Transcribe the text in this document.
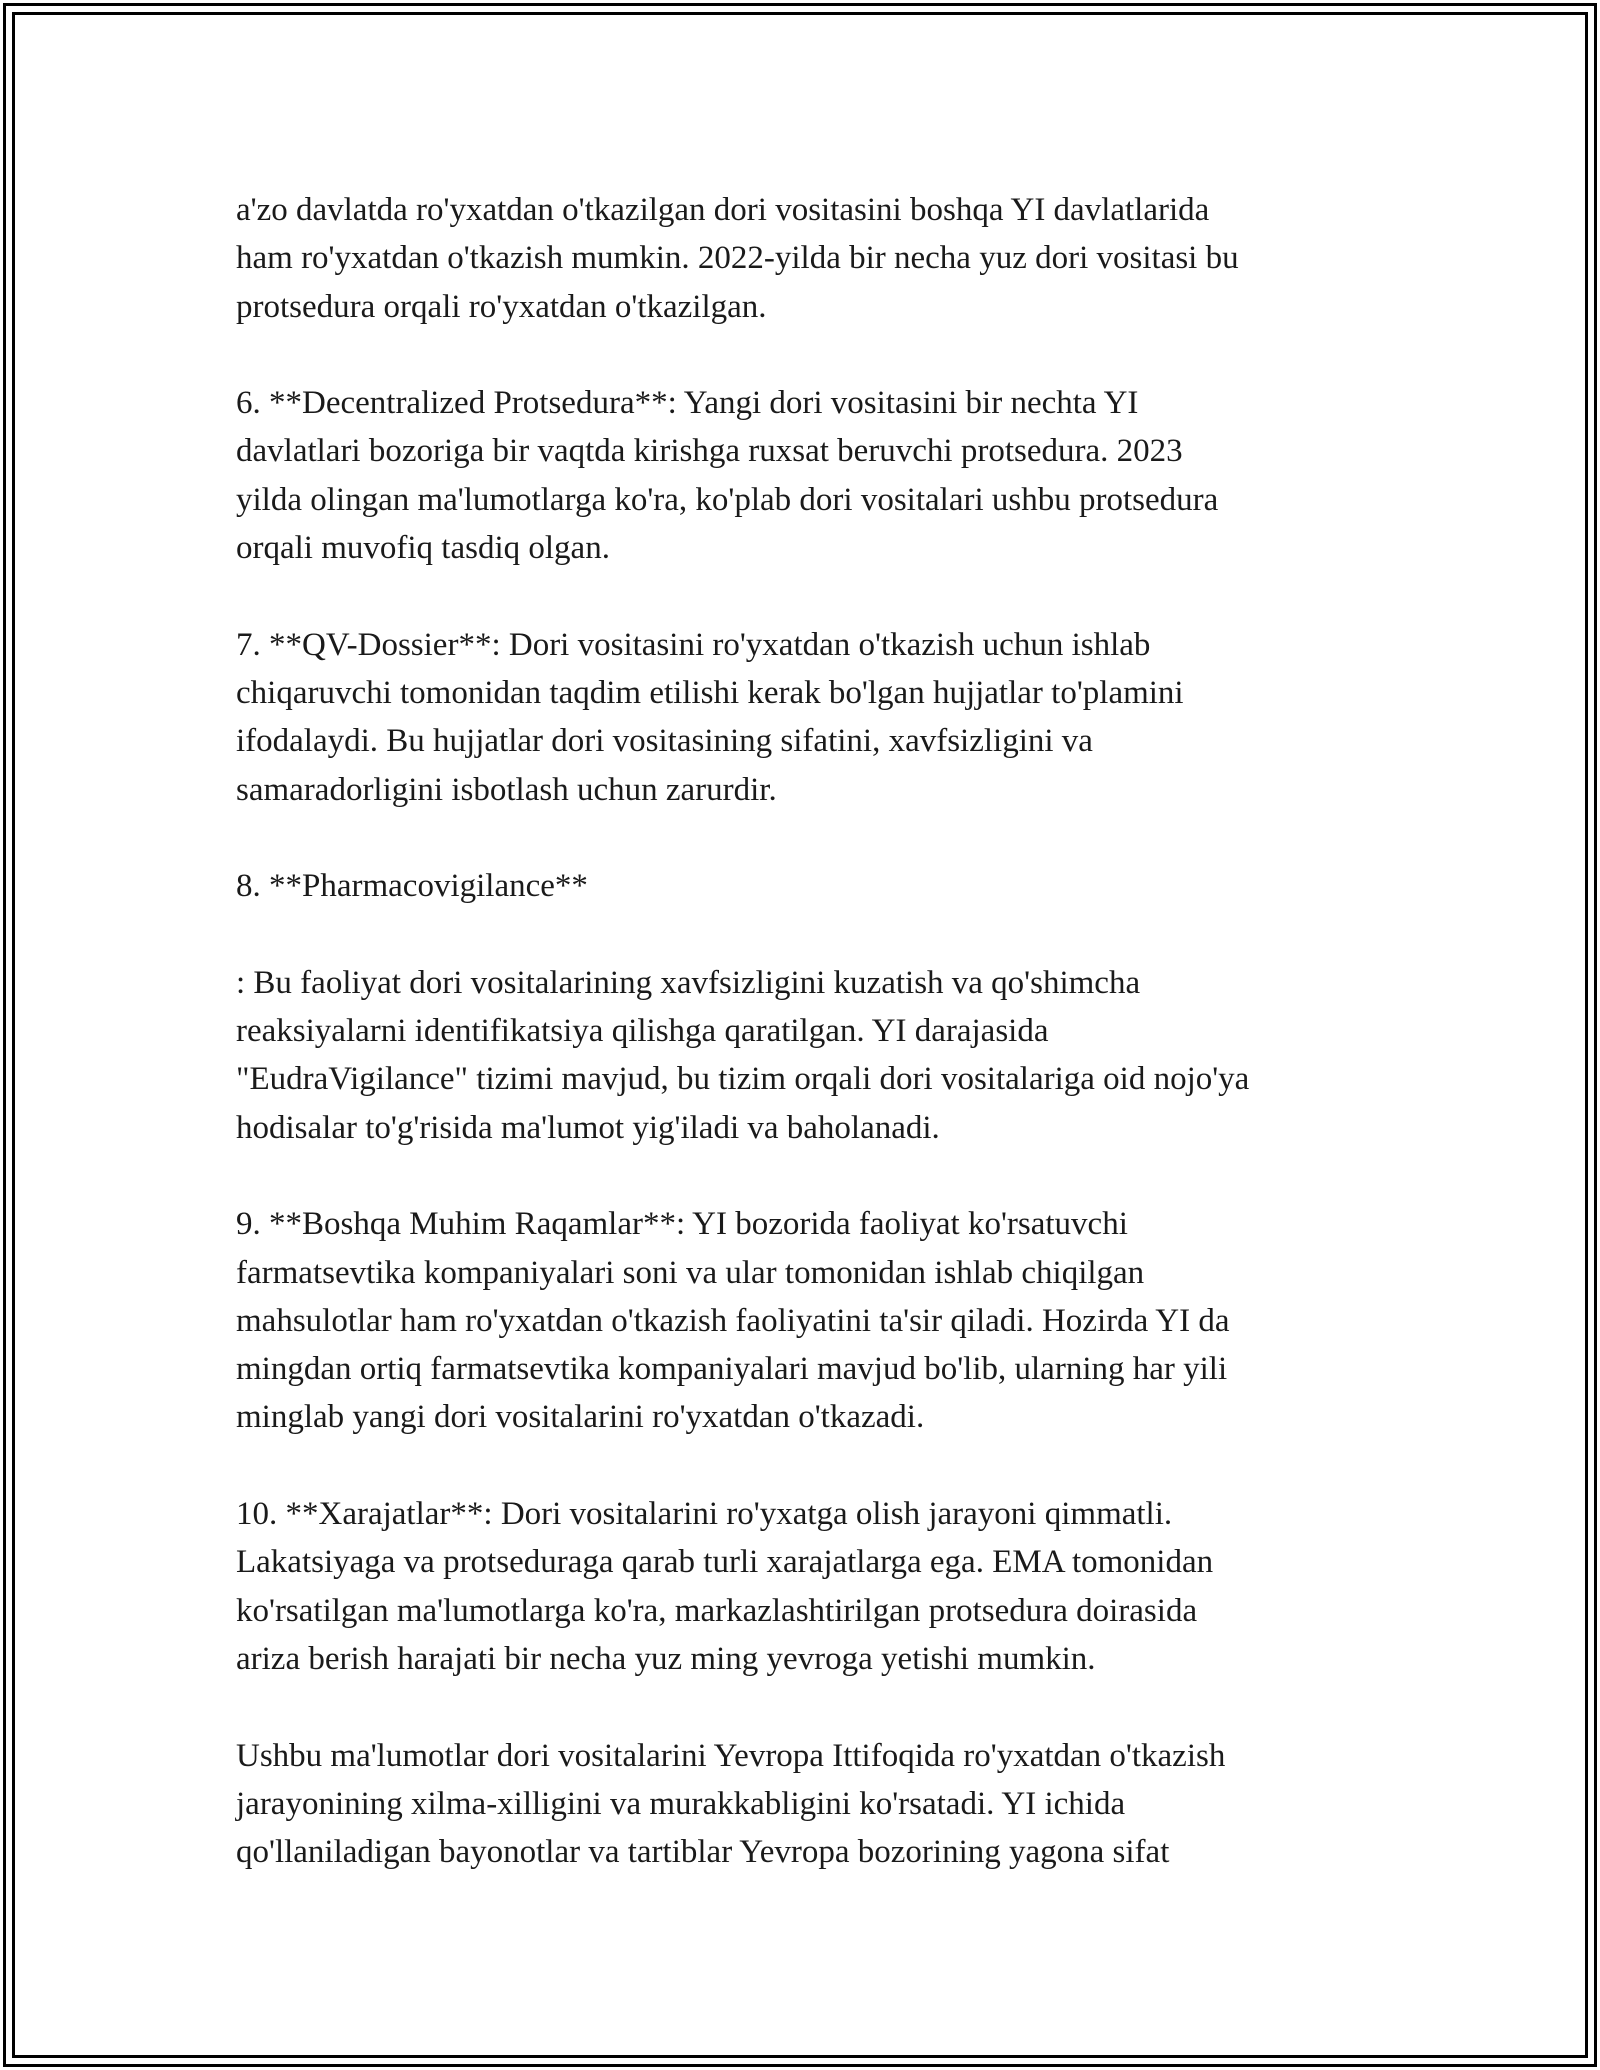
a'zo davlatda ro'yxatdan o'tkazilgan dori vositasini boshqa YI davlatlarida
ham ro'yxatdan o'tkazish mumkin. 2022-yilda bir necha yuz dori vositasi bu
protsedura orqali ro'yxatdan o'tkazilgan.

6. **Decentralized Protsedura**: Yangi dori vositasini bir nechta YI
davlatlari bozoriga bir vaqtda kirishga ruxsat beruvchi protsedura. 2023
yilda olingan ma'lumotlarga ko'ra, ko'plab dori vositalari ushbu protsedura
orqali muvofiq tasdiq olgan.

7. **QV-Dossier**: Dori vositasini ro'yxatdan o'tkazish uchun ishlab
chiqaruvchi tomonidan taqdim etilishi kerak bo'lgan hujjatlar to'plamini
ifodalaydi. Bu hujjatlar dori vositasining sifatini, xavfsizligini va
samaradorligini isbotlash uchun zarurdir.

8. **Pharmacovigilance**

: Bu faoliyat dori vositalarining xavfsizligini kuzatish va qo'shimcha
reaksiyalarni identifikatsiya qilishga qaratilgan. YI darajasida
"EudraVigilance" tizimi mavjud, bu tizim orqali dori vositalariga oid nojo'ya
hodisalar to'g'risida ma'lumot yig'iladi va baholanadi.

9. **Boshqa Muhim Raqamlar**: YI bozorida faoliyat ko'rsatuvchi
farmatsevtika kompaniyalari soni va ular tomonidan ishlab chiqilgan
mahsulotlar ham ro'yxatdan o'tkazish faoliyatini ta'sir qiladi. Hozirda YI da
mingdan ortiq farmatsevtika kompaniyalari mavjud bo'lib, ularning har yili
minglab yangi dori vositalarini ro'yxatdan o'tkazadi.

10. **Xarajatlar**: Dori vositalarini ro'yxatga olish jarayoni qimmatli.
Lakatsiyaga va protseduraga qarab turli xarajatlarga ega. EMA tomonidan
ko'rsatilgan ma'lumotlarga ko'ra, markazlashtirilgan protsedura doirasida
ariza berish harajati bir necha yuz ming yevroga yetishi mumkin.

Ushbu ma'lumotlar dori vositalarini Yevropa Ittifoqida ro'yxatdan o'tkazish
jarayonining xilma-xilligini va murakkabligini ko'rsatadi. YI ichida
qo'llaniladigan bayonotlar va tartiblar Yevropa bozorining yagona sifat
